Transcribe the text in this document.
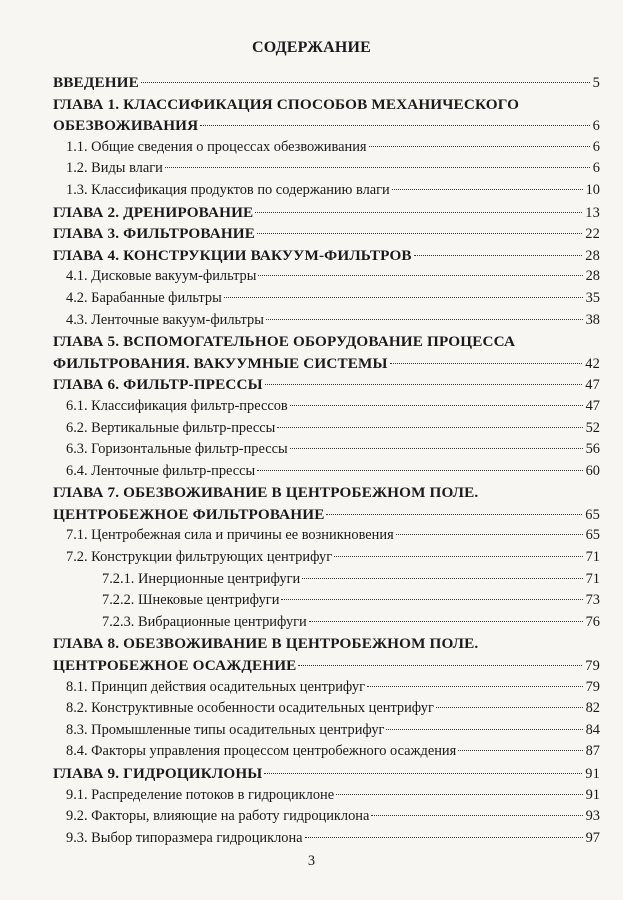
СОДЕРЖАНИЕ
ВВЕДЕНИЕ	5
ГЛАВА 1. КЛАССИФИКАЦИЯ СПОСОБОВ МЕХАНИЧЕСКОГО
ОБЕЗВОЖИВАНИЯ	6
1.1. Общие сведения о процессах обезвоживания	6
1.2. Виды влаги	6
1.3. Классификация продуктов по содержанию влаги	10
ГЛАВА 2. ДРЕНИРОВАНИЕ	13
ГЛАВА 3. ФИЛЬТРОВАНИЕ	22
ГЛАВА 4. КОНСТРУКЦИИ ВАКУУМ-ФИЛЬТРОВ	28
4.1. Дисковые вакуум-фильтры	28
4.2. Барабанные фильтры	35
4.3. Ленточные вакуум-фильтры	38
ГЛАВА 5. ВСПОМОГАТЕЛЬНОЕ ОБОРУДОВАНИЕ ПРОЦЕССА
ФИЛЬТРОВАНИЯ. ВАКУУМНЫЕ СИСТЕМЫ	42
ГЛАВА 6. ФИЛЬТР-ПРЕССЫ	47
6.1. Классификация фильтр-прессов	47
6.2. Вертикальные фильтр-прессы	52
6.3. Горизонтальные фильтр-прессы	56
6.4. Ленточные фильтр-прессы	60
ГЛАВА 7. ОБЕЗВОЖИВАНИЕ В ЦЕНТРОБЕЖНОМ ПОЛЕ.
ЦЕНТРОБЕЖНОЕ ФИЛЬТРОВАНИЕ	65
7.1. Центробежная сила и причины ее возникновения	65
7.2. Конструкции фильтрующих центрифуг	71
7.2.1. Инерционные центрифуги	71
7.2.2. Шнековые центрифуги	73
7.2.3. Вибрационные центрифуги	76
ГЛАВА 8. ОБЕЗВОЖИВАНИЕ В ЦЕНТРОБЕЖНОМ ПОЛЕ.
ЦЕНТРОБЕЖНОЕ ОСАЖДЕНИЕ	79
8.1. Принцип действия осадительных центрифуг	79
8.2. Конструктивные особенности осадительных центрифуг	82
8.3. Промышленные типы осадительных центрифуг	84
8.4. Факторы управления процессом центробежного осаждения	87
ГЛАВА 9. ГИДРОЦИКЛОНЫ	91
9.1. Распределение потоков в гидроциклоне	91
9.2. Факторы, влияющие на работу гидроциклона	93
9.3. Выбор типоразмера гидроциклона	97
3
